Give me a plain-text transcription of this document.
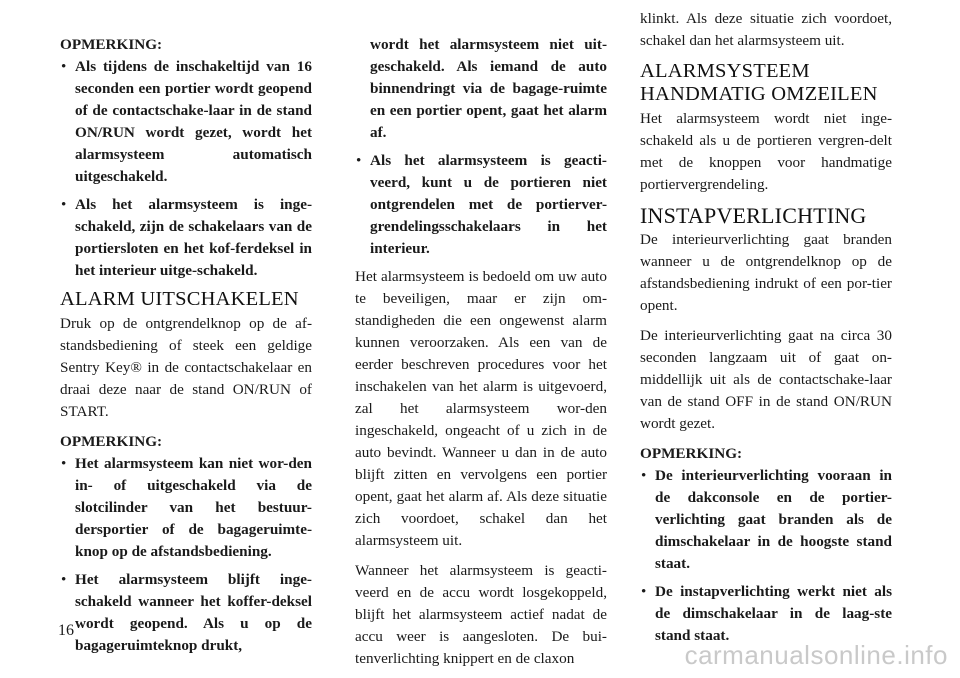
OPMERKING:
• Als tijdens de inschakeltijd van 16 seconden een portier wordt geopend of de contactschake-laar in de stand ON/RUN wordt gezet, wordt het alarmsysteem automatisch uitgeschakeld.
• Als het alarmsysteem is inge-schakeld, zijn de schakelaars van de portiersloten en het kof-ferdeksel in het interieur uitge-schakeld.
ALARM UITSCHAKELEN

Druk op de ontgrendelknop op de af-standsbediening of steek een geldige Sentry Key® in de contactschakelaar en draai deze naar de stand ON/RUN of START.

OPMERKING:
• Het alarmsysteem kan niet wor-den in- of uitgeschakeld via de slotcilinder van het bestuur-dersportier of de bagageruimte-knop op de afstandsbediening.
• Het alarmsysteem blijft inge-schakeld wanneer het koffer-deksel wordt geopend. Als u op de bagageruimteknop drukt,
wordt het alarmsysteem niet uit-geschakeld. Als iemand de auto binnendringt via de bagage-ruimte en een portier opent, gaat het alarm af.
• Als het alarmsysteem is geacti-veerd, kunt u de portieren niet ontgrendelen met de portierver-grendelingsschakelaars in het interieur.

Het alarmsysteem is bedoeld om uw auto te beveiligen, maar er zijn om-standigheden die een ongewenst alarm kunnen veroorzaken. Als een van de eerder beschreven procedures voor het inschakelen van het alarm is uitgevoerd, zal het alarmsysteem wor-den ingeschakeld, ongeacht of u zich in de auto bevindt. Wanneer u dan in de auto blijft zitten en vervolgens een portier opent, gaat het alarm af. Als deze situatie zich voordoet, schakel dan het alarmsysteem uit.

Wanneer het alarmsysteem is geacti-veerd en de accu wordt losgekoppeld, blijft het alarmsysteem actief nadat de accu weer is aangesloten. De bui-tenverlichting knippert en de claxon

klinkt. Als deze situatie zich voordoet, schakel dan het alarmsysteem uit.

ALARMSYSTEEM
HANDMATIG OMZEILEN

Het alarmsysteem wordt niet inge-schakeld als u de portieren vergren-delt met de knoppen voor handmatige portiervergrendeling.

INSTAPVERLICHTING

De interieurverlichting gaat branden wanneer u de ontgrendelknop op de afstandsbediening indrukt of een por-tier opent.

De interieurverlichting gaat na circa 30 seconden langzaam uit of gaat on-middellijk uit als de contactschake-laar van de stand OFF in de stand ON/RUN wordt gezet.

OPMERKING:
• De interieurverlichting vooraan in de dakconsole en de portier-verlichting gaat branden als de dimschakelaar in de hoogste stand staat.
• De instapverlichting werkt niet als de dimschakelaar in de laag-ste stand staat.
16
carmanualsonline.info
